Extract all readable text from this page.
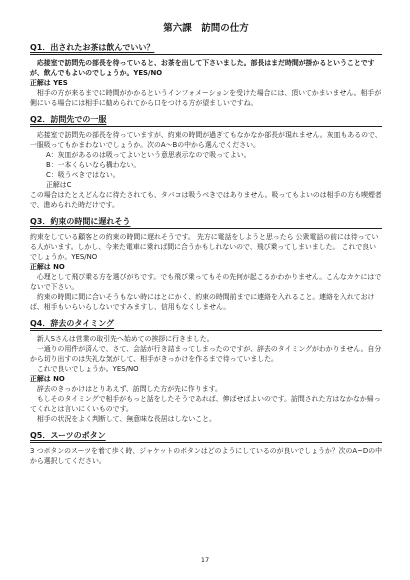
第六課　訪問の仕方
Q1．出されたお茶は飲んでいい？

　応接室で訪問先の部長を待っていると、お茶を出して下さいました。部長はまだ時間が掛かるということですが、飲んでもよいのでしょうか。YES/NO

正解は YES

　相手の方が来るまでに時間がかかるというインフォメーションを受けた場合には、頂いてかまいません。相手が側にいる場合には相手に勧められてから口をつける方が望ましいですね。

Q2．訪問先での一服

　応接室で訪問先の部長を待っていますが、約束の時間が過ぎてもなかなか部長が現れません。灰皿もあるので、一服吸ってもかまわないでしょうか。次のA～Bの中から選んでください。

A：灰皿があるのは吸ってよいという意思表示なので吸ってよい。

B：一本くらいなら構わない。

C：吸うべきではない。

正解はC

この場合はたとえどんなに待たされても、タバコは吸うべきではありません。吸ってもよいのは相手の方も喫煙者で、進められた時だけです。

Q3．約束の時間に遅れそう

約束をしている顧客との約束の時間に遅れそうです。 先方に電話をしようと思ったら 公衆電話の前には待っている人がいます。しかし、今来た電車に乗れば間に合うかもしれないので、飛び乗ってしまいました。 これで良いでしょうか。YES/NO

正解は NO

　心理として飛び乗る方を選びがちです。でも飛び乗ってもその先何が起こるかわかりません。こんなカケにはでないで下さい。

　約束の時間に間に合いそうもない時にはとにかく、約束の時間前までに連絡を入れること。連絡を入れておけば、相手もいらいらしないですみますし、信用もなくしません。

Q4．辞去のタイミング

　新人Sさんは営業の取引先へ始めての挨拶に行きました。

　一通りの用件が済んで、さて、会話が行き詰まってしまったのですが、辞去のタイミングがわかりません。自分から切り出すのは失礼な気がして、相手がきっかけを作るまで待っていました。

　これで良いでしょうか。YES/NO

正解は NO

　辞去のきっかけはとりあえず、訪問した方が先に作ります。

　もしそのタイミングで相手がもっと話をしたそうであれば、伸ばせばよいのです。訪問された方はなかなか帰ってくれとは言いにくいものです。

　相手の状況をよく判断して、無意味な長居はしないこと。

Q5．スーツのボタン

3 つボタンのスーツを着て歩く時、ジャケットのボタンはどのようにしているのが良いでしょうか？次のA~Dの中から選択してください。

17
